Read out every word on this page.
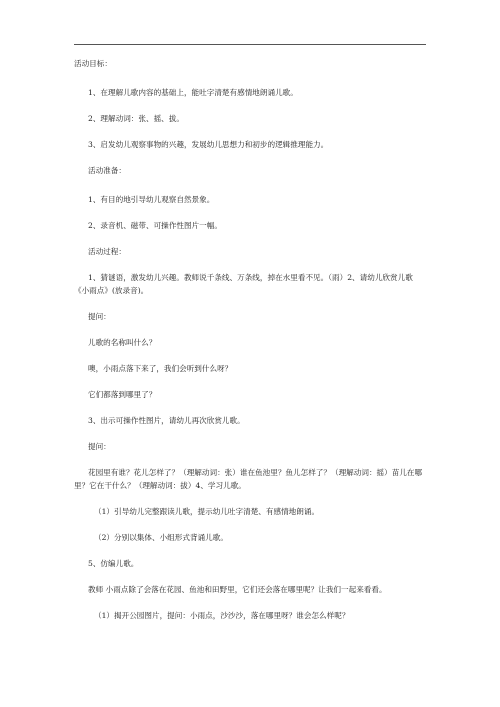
活动目标：

1、在理解儿歌内容的基础上，能吐字清楚有感情地朗诵儿歌。

2、理解动词：张、摇、拔。

3、启发幼儿观察事物的兴趣，发展幼儿思想力和初步的逻辑推理能力。

活动准备：

1、有目的地引导幼儿观察自然景象。

2、录音机、磁带、可操作性图片一幅。

活动过程：

1、猜谜语，激发幼儿兴趣。教师说千条线、万条线，掉在水里看不见。（雨）2、请幼儿欣赏儿歌《小雨点》(放录音)。

提问：

儿歌的名称叫什么？

噢，小雨点落下来了，我们会听到什么呀？

它们都落到哪里了？

3、出示可操作性图片，请幼儿再次欣赏儿歌。

提问：

花园里有谁？花儿怎样了？（理解动词：张）谁在鱼池里？鱼儿怎样了？（理解动词：摇）苗儿在哪里？它在干什么？（理解动词：拔）4、学习儿歌。

（1）引导幼儿完整跟读儿歌，提示幼儿吐字清楚、有感情地朗诵。

（2）分别以集体、小组形式背诵儿歌。

5、仿编儿歌。

教师 小雨点除了会落在花园、鱼池和田野里，它们还会落在哪里呢？让我们一起来看看。

（1）揭开公园图片，提问：小雨点，沙沙沙，落在哪里呀？谁会怎么样呢？
